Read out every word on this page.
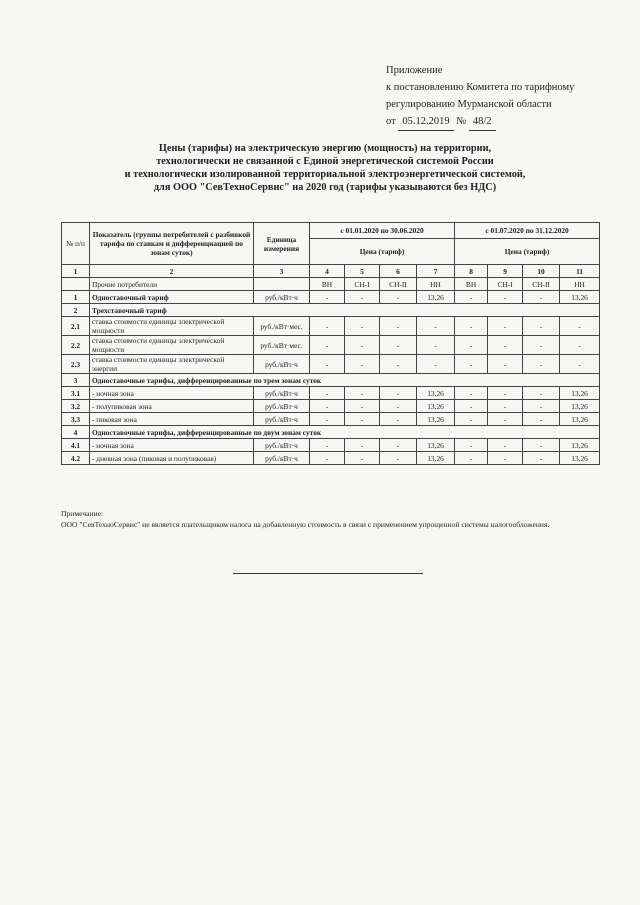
Приложение
к постановлению Комитета по тарифному
регулированию Мурманской области
от 05.12.2019 № 48/2
Цены (тарифы) на электрическую энергию (мощность) на территории,
технологически не связанной с Единой энергетической системой России
и технологически изолированной территориальной электроэнергетической системой,
для ООО "СевТехноСервис" на 2020 год (тарифы указываются без НДС)
№ п/п	Показатель (группы потребителей с разбивкой тарифа по ставкам и дифференциацией по зонам суток)	Единица измерения	с 01.01.2020 по 30.06.2020				с 01.07.2020 по 31.12.2020			
			Цена (тариф)				Цена (тариф)			
1	2	3	4	5	6	7	8	9	10	11
	Прочие потребители		ВН	СН-I	СН-II	НН	ВН	СН-I	СН-II	НН
1	Одноставочный тариф	руб./кВт·ч	-	-	-	13,26	-	-	-	13,26
2	Трехставочный тариф									
2.1	ставка стоимости единицы электрической мощности	руб./кВт·мес.	-	-	-	-	-	-	-	-
2.2	ставка стоимости единицы электрической мощности	руб./кВт·мес.	-	-	-	-	-	-	-	-
2.3	ставка стоимости единицы электрической энергии	руб./кВт·ч	-	-	-	-	-	-	-	-
3	Одноставочные тарифы, дифференцированные по трем зонам суток									
3.1	- ночная зона	руб./кВт·ч	-	-	-	13,26	-	-	-	13,26
3.2	- полупиковая зона	руб./кВт·ч	-	-	-	13,26	-	-	-	13,26
3.3	- пиковая зона	руб./кВт·ч	-	-	-	13,26	-	-	-	13,26
4	Одноставочные тарифы, дифференцированные по двум зонам суток									
4.1	- ночная зона	руб./кВт·ч	-	-	-	13,26	-	-	-	13,26
4.2	- дневная зона (пиковая и полупиковая)	руб./кВт·ч	-	-	-	13,26	-	-	-	13,26
Примечание:
ООО "СевТехноСервис" не является плательщиком налога на добавленную стоимость в связи с применением упрощенной системы налогообложения.
